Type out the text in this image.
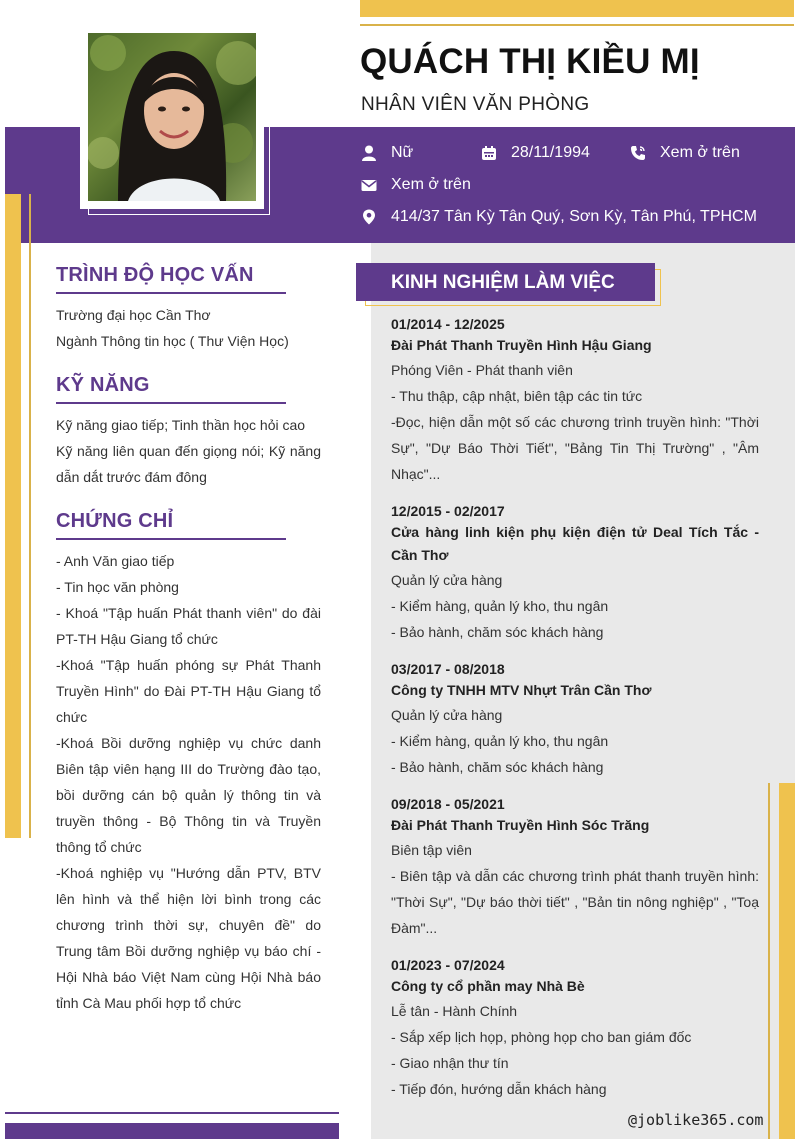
QUÁCH THỊ KIỀU MỊ
NHÂN VIÊN VĂN PHÒNG
Nữ	28/11/1994	Xem ở trên
Xem ở trên
414/37 Tân Kỳ Tân Quý, Sơn Kỳ, Tân Phú, TPHCM
TRÌNH ĐỘ HỌC VẤN

Trường đại học Cần Thơ

Ngành Thông tin học ( Thư Viện Học)

KỸ NĂNG

Kỹ năng giao tiếp; Tinh thần học hỏi cao

Kỹ năng liên quan đến giọng nói; Kỹ năng dẫn dắt trước đám đông

CHỨNG CHỈ

- Anh Văn giao tiếp

- Tin học văn phòng

- Khoá "Tập huấn Phát thanh viên" do đài PT-TH Hậu Giang tổ chức

-Khoá "Tập huấn phóng sự Phát Thanh Truyền Hình" do Đài PT-TH Hậu Giang tổ chức

-Khoá Bồi dưỡng nghiệp vụ chức danh Biên tập viên hạng III do Trường đào tạo, bồi dưỡng cán bộ quản lý thông tin và truyền thông - Bộ Thông tin và Truyền thông tổ chức

-Khoá nghiệp vụ "Hướng dẫn PTV, BTV lên hình và thể hiện lời bình trong các chương trình thời sự, chuyên đề" do Trung tâm Bồi dưỡng nghiệp vụ báo chí - Hội Nhà báo Việt Nam cùng Hội Nhà báo tỉnh Cà Mau phối hợp tổ chức

KINH NGHIỆM LÀM VIỆC
01/2014 - 12/2025
Đài Phát Thanh Truyền Hình Hậu Giang

Phóng Viên - Phát thanh viên

- Thu thập, cập nhật, biên tập các tin tức

-Đọc, hiện dẫn một số các chương trình truyền hình: "Thời Sự", "Dự Báo Thời Tiết", "Bảng Tin Thị Trường" , "Âm Nhạc"...

12/2015 - 02/2017
Cửa hàng linh kiện phụ kiện điện tử Deal Tích Tắc - Cần Thơ

Quản lý cửa hàng

- Kiểm hàng, quản lý kho, thu ngân

- Bảo hành, chăm sóc khách hàng

03/2017 - 08/2018
Công ty TNHH MTV Nhựt Trân Cần Thơ

Quản lý cửa hàng

- Kiểm hàng, quản lý kho, thu ngân

- Bảo hành, chăm sóc khách hàng

09/2018 - 05/2021
Đài Phát Thanh Truyền Hình Sóc Trăng

Biên tập viên

- Biên tập và dẫn các chương trình phát thanh truyền hình: "Thời Sự", "Dự báo thời tiết" , "Bản tin nông nghiệp" , "Toạ Đàm"...

01/2023 - 07/2024
Công ty cổ phần may Nhà Bè

Lễ tân - Hành Chính

- Sắp xếp lịch họp, phòng họp cho ban giám đốc

- Giao nhận thư tín

- Tiếp đón, hướng dẫn khách hàng

@joblike365.com
